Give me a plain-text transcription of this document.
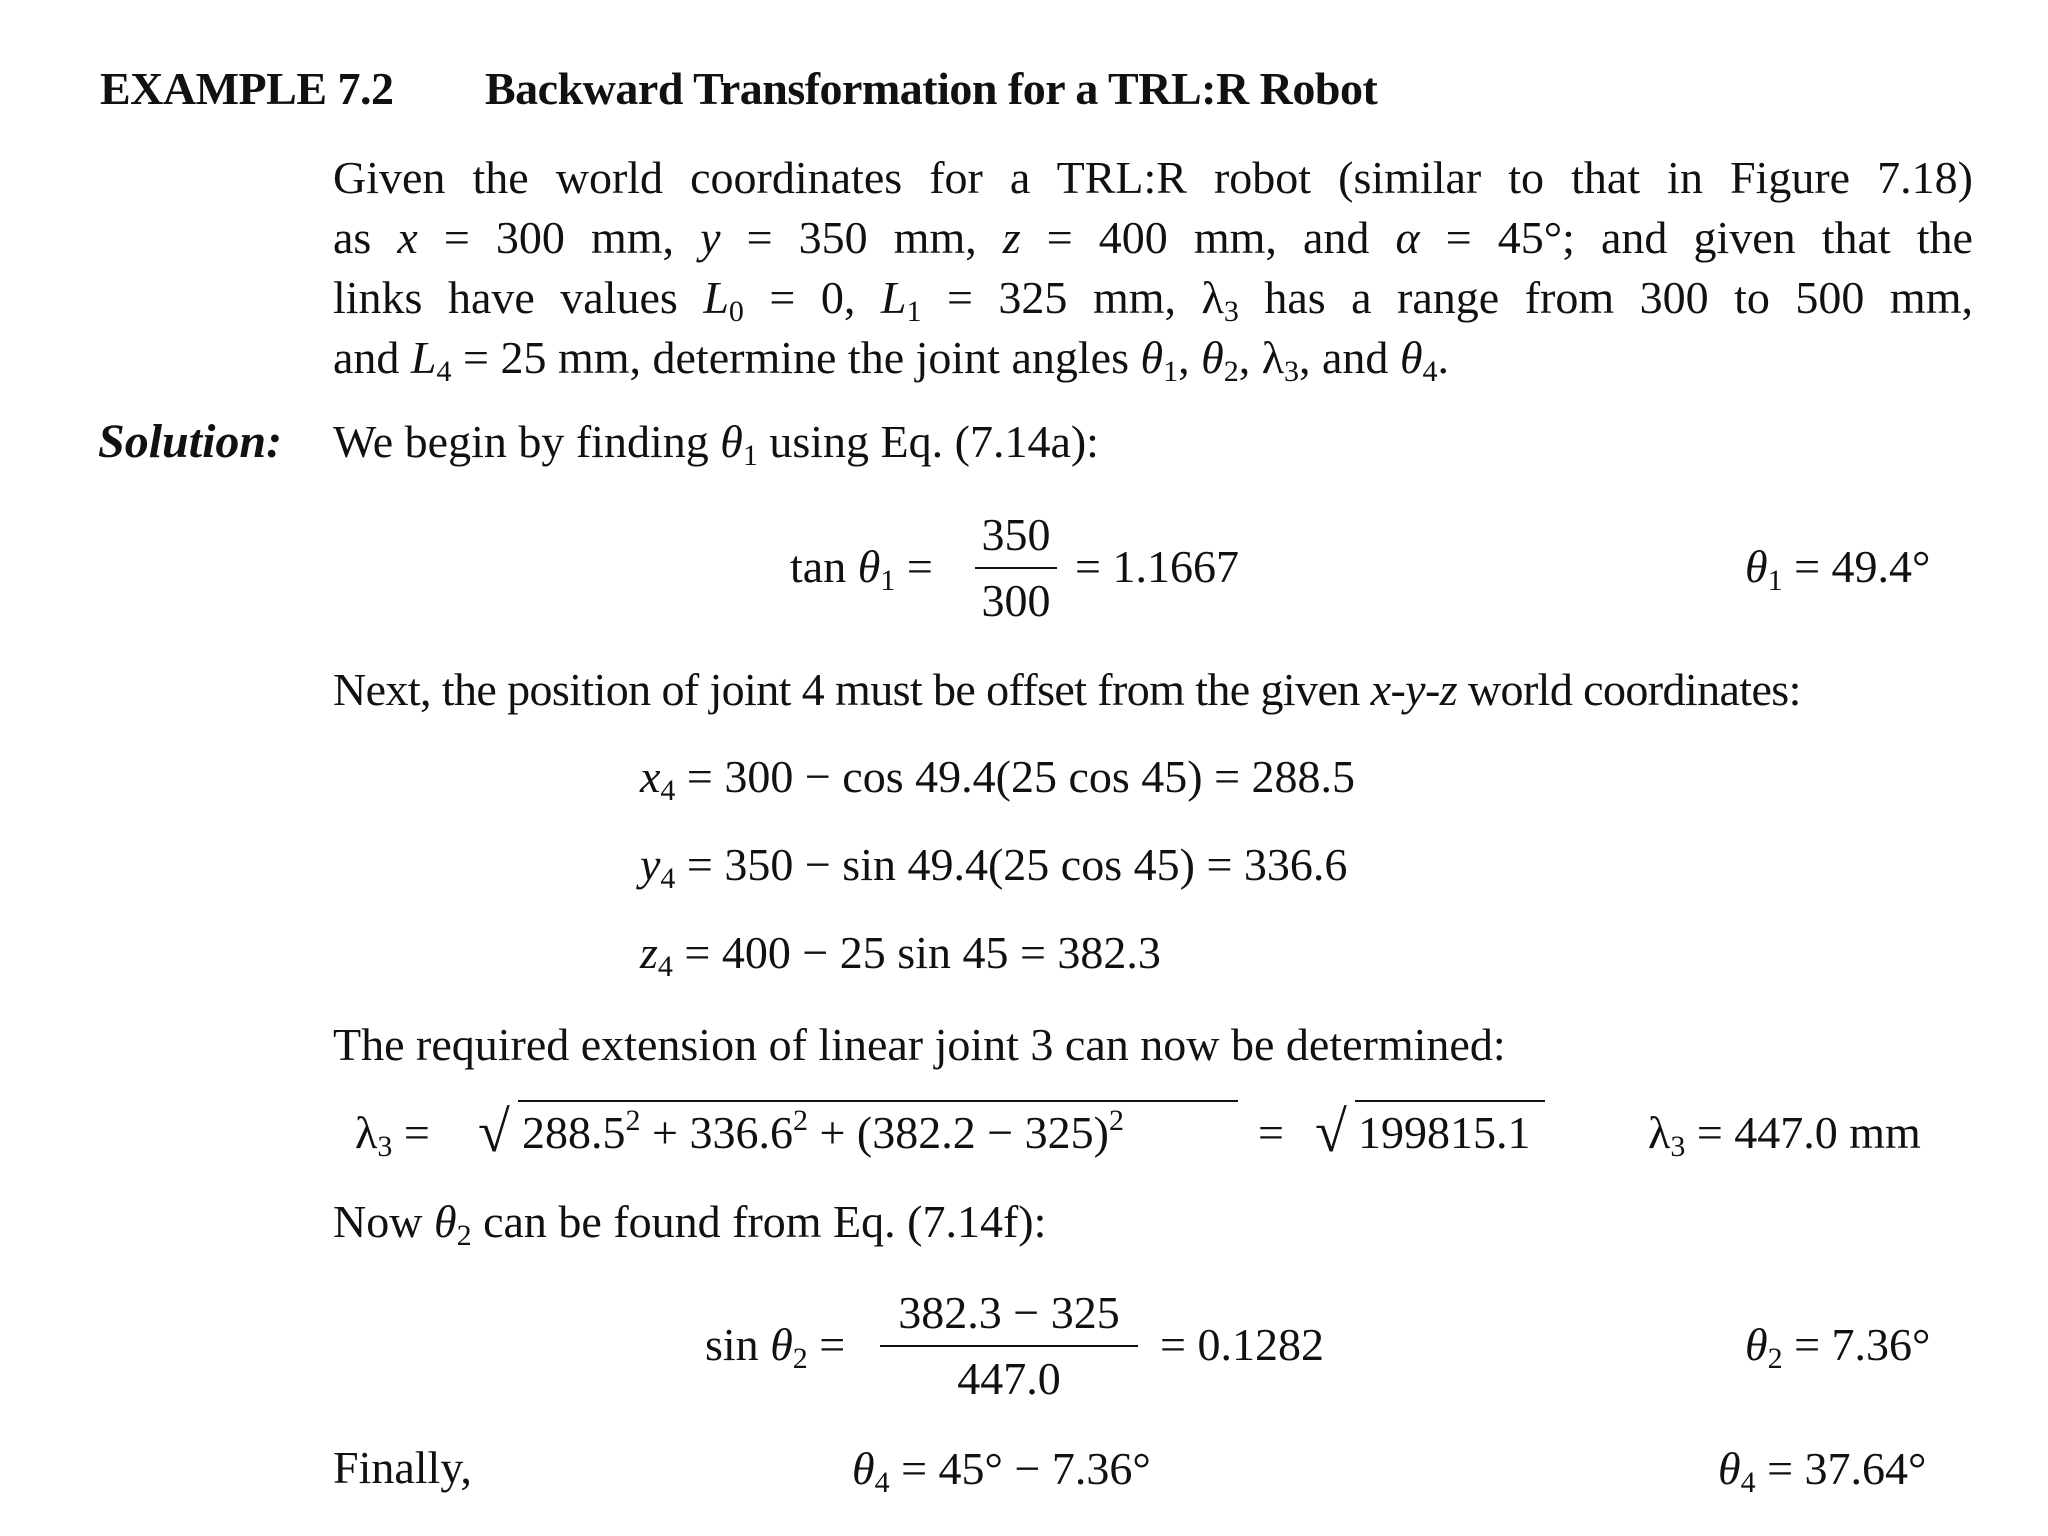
EXAMPLE 7.2 Backward Transformation for a TRL:R Robot
Given the world coordinates for a TRL:R robot (similar to that in Figure 7.18)
as x = 300 mm, y = 350 mm, z = 400 mm, and α = 45°; and given that the
links have values $L_0 = 0$, $L_1 = 325$ mm, $\lambda_3$ has a range from 300 to 500 mm,
and $L_4 = 25$ mm, determine the joint angles $\theta_1$, $\theta_2$, $\lambda_3$, and $\theta_4$.
Solution: We begin by finding $\theta_1$ using Eq. (7.14a):
$\tan \theta_1$ =
350
300
= 1.1667	$\theta_1 = 49.4^\circ$
Next, the position of joint 4 must be offset from the given x-y-z world coordinates:
$x_4 = 300 - \cos 49.4(25$ cos 45) = 288.5
$y_4 = 350 - \sin 49.4(25$ cos 45) = 336.6
$z_4 = 400 - 25$ sin 45 = 382.3
The required extension of linear joint 3 can now be determined:
$\lambda_3$ = √ $288.5^2 + 336.6^2 + (382.2 - 325)^2$	= √ 199815.1	$\lambda_3 = 447.0$ mm
Now $\theta_2$ can be found from Eq. (7.14f):
$\sin \theta_2$ =
382.3 − 325
447.0
= 0.1282	$\theta_2 = 7.36^\circ$
Finally,	$\theta_4 = 45^\circ - 7.36^\circ$	$\theta_4 = 37.64^\circ$
